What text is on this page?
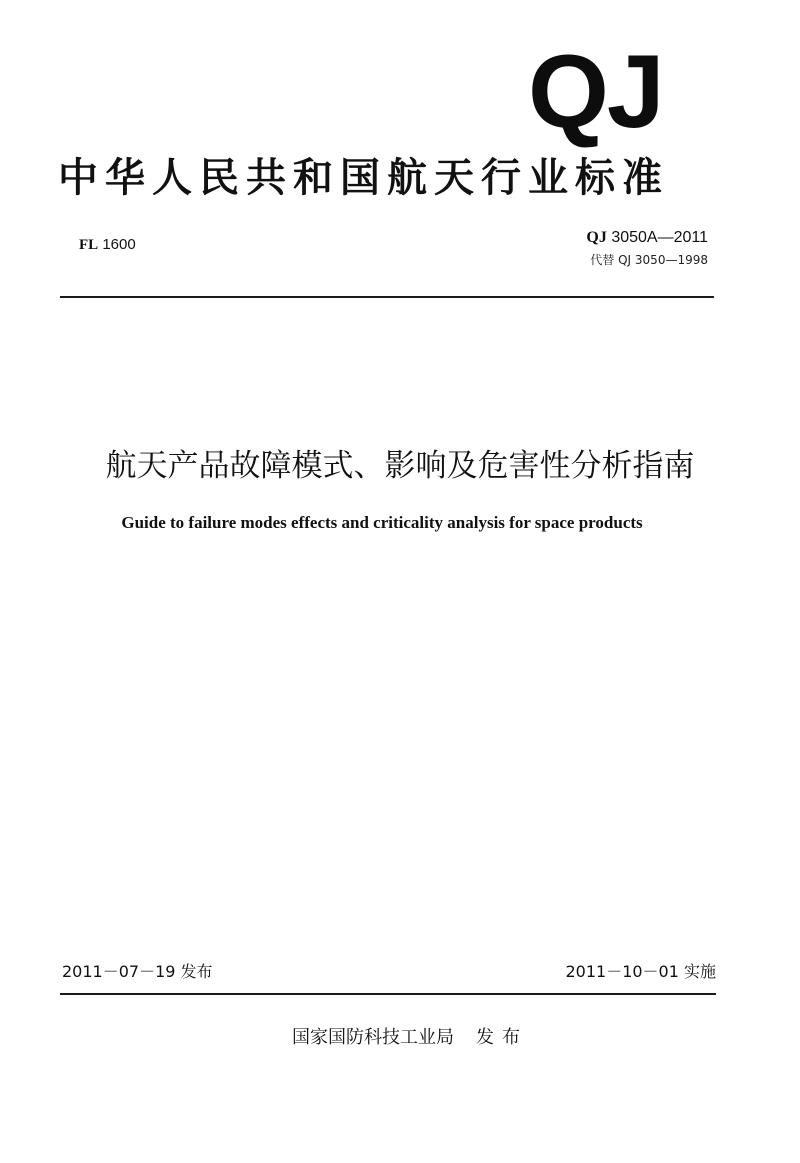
QJ
中华人民共和国航天行业标准
FL 1600	QJ 3050A—2011
代替 QJ 3050—1998
航天产品故障模式、影响及危害性分析指南
Guide to failure modes effects and criticality analysis for space products
2011－07－19 发布	2011－10－01 实施
国家国防科技工业局 发布
